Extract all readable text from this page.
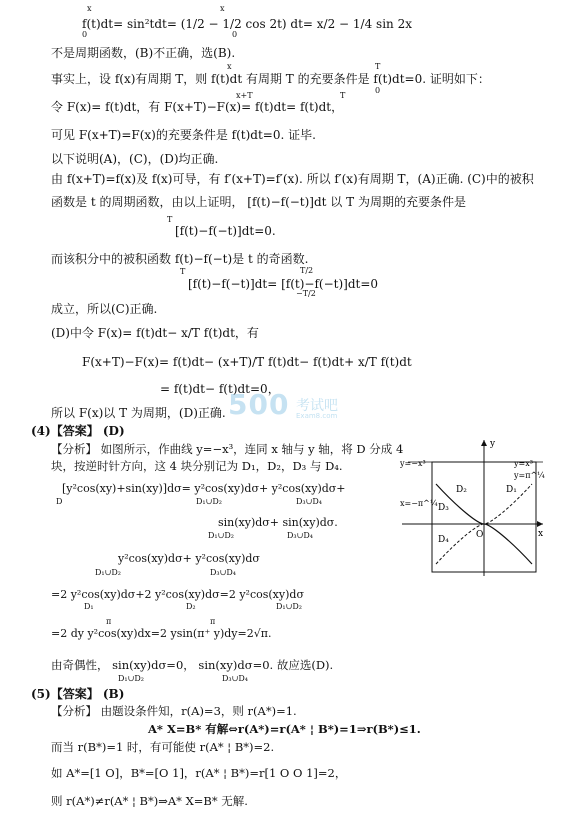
500 考试吧
Exam8.com
x
0
x
0
f(t)dt= sin²tdt= (1/2 − 1/2 cos 2t) dt= x/2 − 1/4 sin 2x
不是周期函数，(B)不正确，选(B).
事实上，设 f(x)有周期 T，则 f(t)dt 有周期 T 的充要条件是 f(t)dt=0. 证明如下：
x	T
0
令 F(x)= f(t)dt，有 F(x+T)−F(x)= f(t)dt= f(t)dt，
x+T	T
可见 F(x+T)=F(x)的充要条件是 f(t)dt=0. 证毕.
以下说明(A)，(C)，(D)均正确.
由 f(x+T)=f(x)及 f(x)可导，有 f′(x+T)=f′(x). 所以 f′(x)有周期 T，(A)正确. (C)中的被积
函数是 t 的周期函数，由以上证明， [f(t)−f(−t)]dt 以 T 为周期的充要条件是
[f(t)−f(−t)]dt=0.
T
而该积分中的被积函数 f(t)−f(−t)是 t 的奇函数.
[f(t)−f(−t)]dt= [f(t)−f(−t)]dt=0
T	T/2
−T/2
成立，所以(C)正确.
(D)中令 F(x)= f(t)dt− x/T f(t)dt，有
F(x+T)−F(x)= f(t)dt− (x+T)/T f(t)dt− f(t)dt+ x/T f(t)dt
= f(t)dt− f(t)dt=0，
所以 F(x)以 T 为周期，(D)正确.
(4)【答案】 (D)
【分析】 如图所示，作曲线 y=−x³，连同 x 轴与 y 轴，将 D 分成 4
块，按逆时针方向，这 4 块分别记为 D₁，D₂，D₃ 与 D₄.
[y²cos(xy)+sin(xy)]dσ= y²cos(xy)dσ+ y²cos(xy)dσ+
D	D₁∪D₂	D₃∪D₄
sin(xy)dσ+ sin(xy)dσ.
D₁∪D₂	D₃∪D₄
y²cos(xy)dσ+ y²cos(xy)dσ
D₁∪D₂	D₃∪D₄
=2 y²cos(xy)dσ+2 y²cos(xy)dσ=2 y²cos(xy)dσ
D₁	D₂	D₁∪D₂
=2 dy y²cos(xy)dx=2 ysin(π⁺ y)dy=2√π.
π	π
由奇偶性， sin(xy)dσ=0， sin(xy)dσ=0. 故应选(D).
D₁∪D₂	D₃∪D₄
(5)【答案】 (B)
【分析】 由题设条件知，r(A)=3，则 r(A*)=1.
A* X=B* 有解⇔r(A*)=r(A* ¦ B*)=1⇒r(B*)≤1.
而当 r(B*)=1 时，有可能使 r(A* ¦ B*)=2.
如 A*=[1 O]，B*=[O 1]，r(A* ¦ B*)=r[1 O O 1]=2，
则 r(A*)≠r(A* ¦ B*)⇒A* X=B* 无解.
y
x
O
y=−x³	y=x³
y=π^¼
x=−π^¼
D₂	D₁
D₃
D₄
